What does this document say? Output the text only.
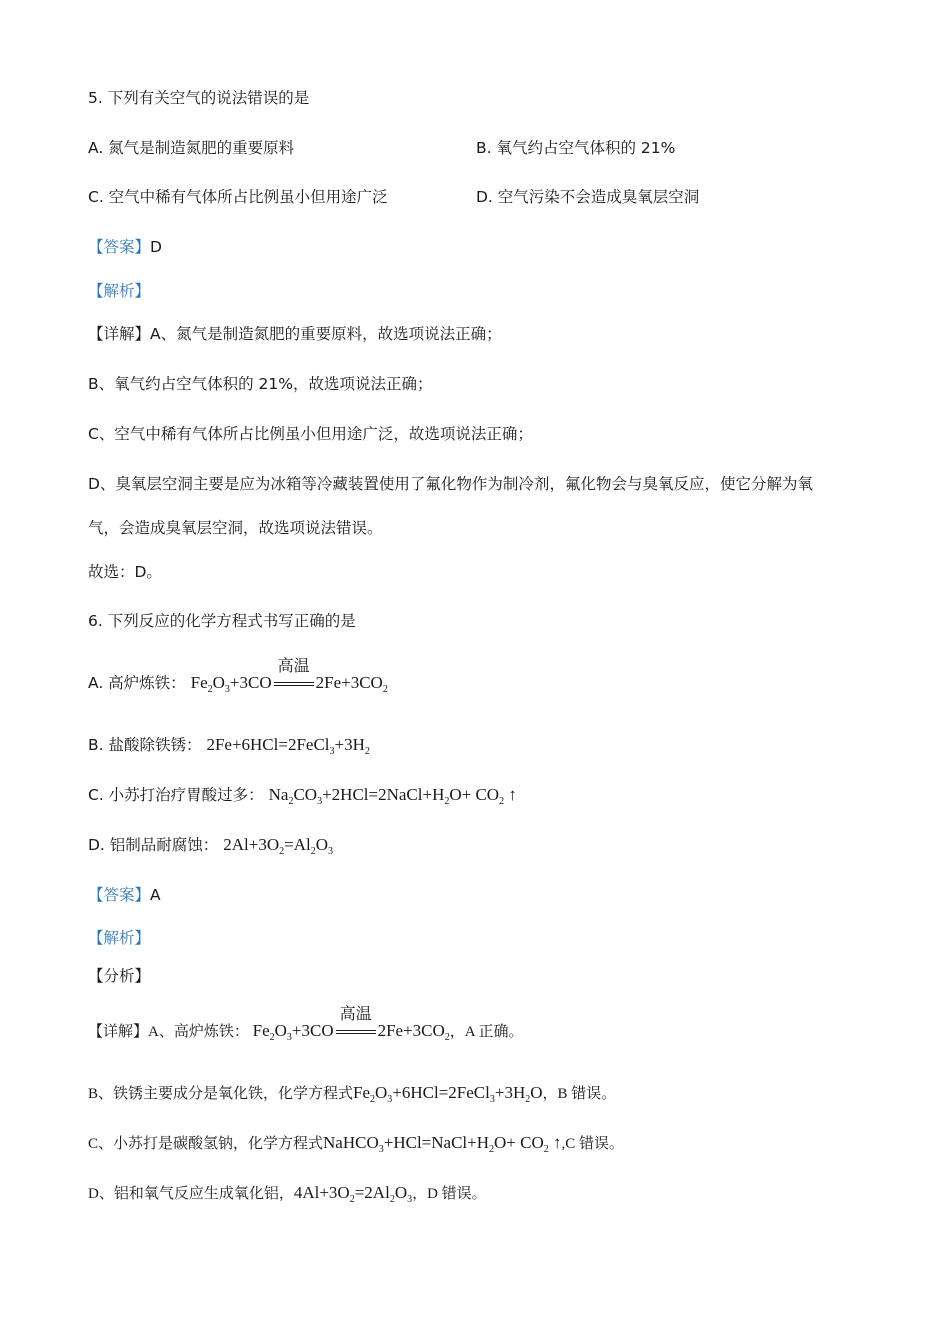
5. 下列有关空气的说法错误的是
A. 氮气是制造氮肥的重要原料	B. 氧气约占空气体积的 21%
C. 空气中稀有气体所占比例虽小但用途广泛	D. 空气污染不会造成臭氧层空洞
【答案】D
【解析】
【详解】A、氮气是制造氮肥的重要原料，故选项说法正确；
B、氧气约占空气体积的 21%，故选项说法正确；
C、空气中稀有气体所占比例虽小但用途广泛，故选项说法正确；
D、臭氧层空洞主要是应为冰箱等冷藏装置使用了氟化物作为制冷剂，氟化物会与臭氧反应，使它分解为氧
气，会造成臭氧层空洞，故选项说法错误。
故选：D。
6. 下列反应的化学方程式书写正确的是
A. 高炉炼铁： $Fe_2O_3+3CO$
高温
$2Fe+3CO_2$
B. 盐酸除铁锈： $2Fe+6HCl=2FeCl_3+3H_2$
C. 小苏打治疗胃酸过多： $Na_2CO_3+2HCl=2NaCl+H_2O+ CO_2$ ↑
D. 铝制品耐腐蚀： $2Al+3O_2=Al_2O_3$
【答案】A
【解析】
【分析】
【详解】A、高炉炼铁： $Fe_2O_3+3CO$
高温
$2Fe+3CO_2$，A 正确。
B、铁锈主要成分是氧化铁，化学方程式$Fe_2O_3+6HCl=2FeCl_3+3H_2O$，B 错误。
C、小苏打是碳酸氢钠，化学方程式$NaHCO_3+HCl=NaCl+H_2O+ CO_2$ ↑,C 错误。
D、铝和氧气反应生成氧化铝，$4Al+3O_2=2Al_2O_3$，D 错误。
